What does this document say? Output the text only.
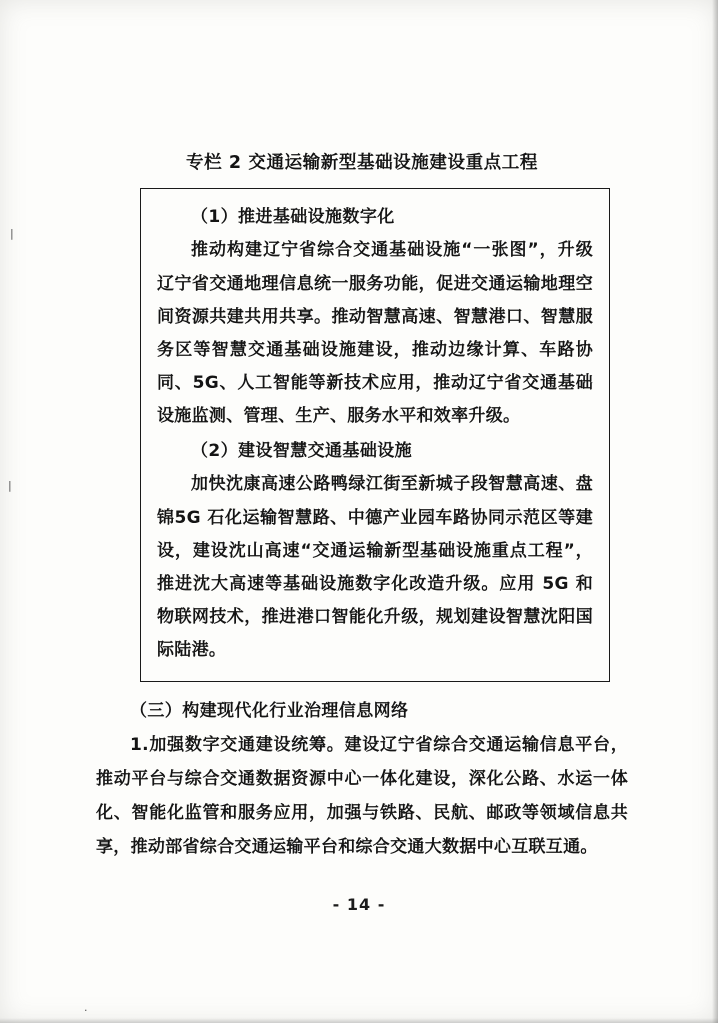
|
|
.
专栏 2 交通运输新型基础设施建设重点工程

（1）推进基础设施数字化

推动构建辽宁省综合交通基础设施“一张图”，升级辽宁省交通地理信息统一服务功能，促进交通运输地理空间资源共建共用共享。推动智慧高速、智慧港口、智慧服务区等智慧交通基础设施建设，推动边缘计算、车路协同、5G、人工智能等新技术应用，推动辽宁省交通基础设施监测、管理、生产、服务水平和效率升级。

（2）建设智慧交通基础设施

加快沈康高速公路鸭绿江街至新城子段智慧高速、盘锦5G 石化运输智慧路、中德产业园车路协同示范区等建设，建设沈山高速“交通运输新型基础设施重点工程”，推进沈大高速等基础设施数字化改造升级。应用 5G 和物联网技术，推进港口智能化升级，规划建设智慧沈阳国际陆港。

（三）构建现代化行业治理信息网络

1.加强数字交通建设统筹。建设辽宁省综合交通运输信息平台，推动平台与综合交通数据资源中心一体化建设，深化公路、水运一体化、智能化监管和服务应用，加强与铁路、民航、邮政等领域信息共享，推动部省综合交通运输平台和综合交通大数据中心互联互通。

- 14 -
